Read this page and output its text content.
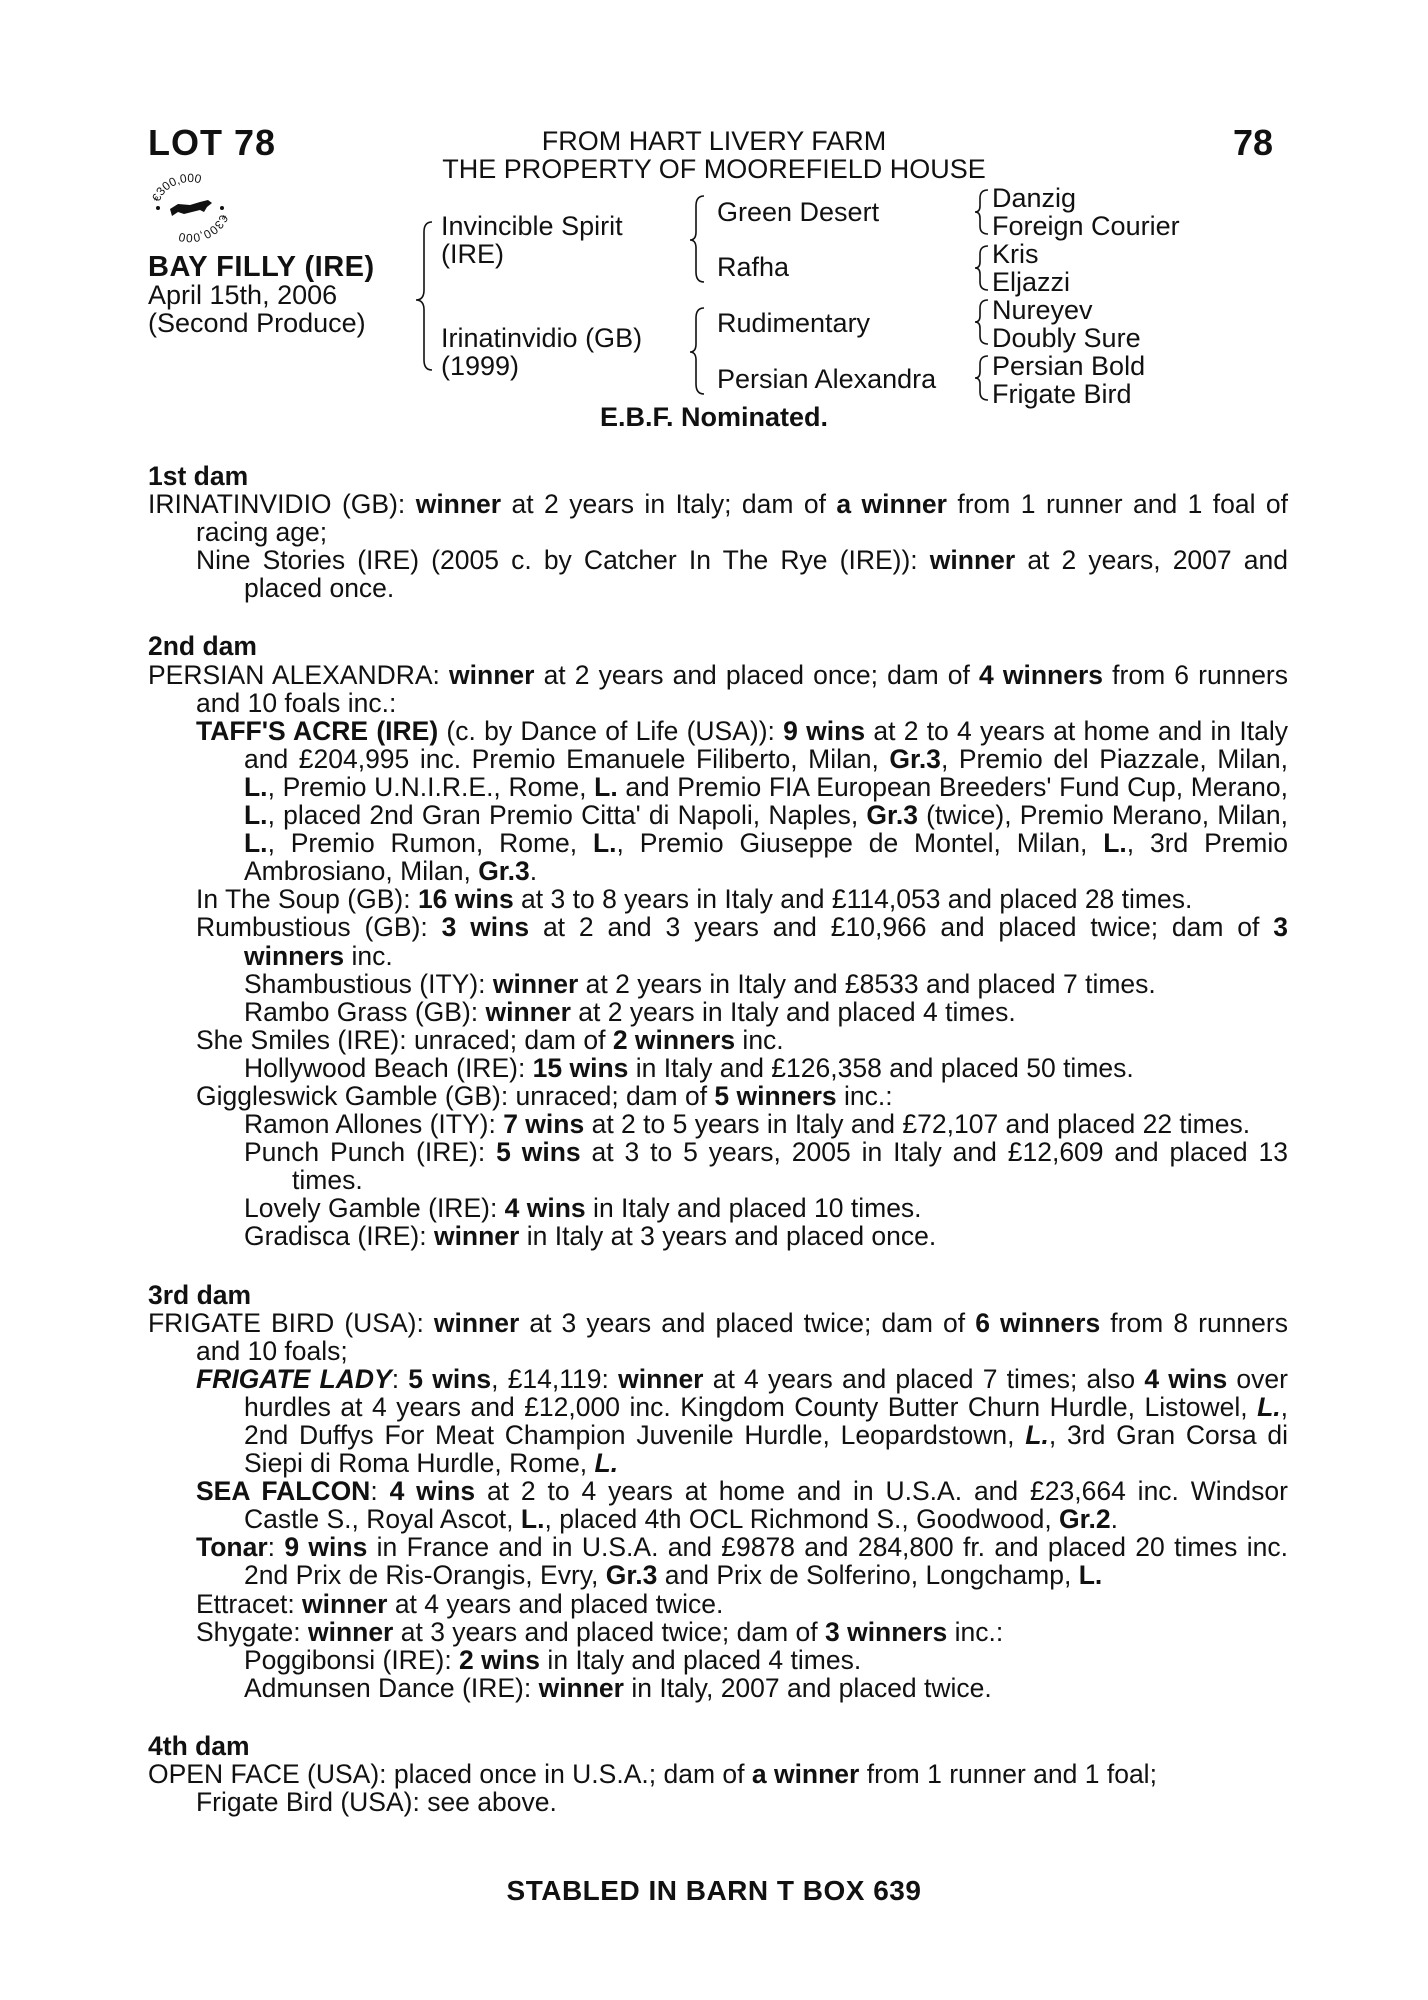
LOT 78	78
FROM HART LIVERY FARM
THE PROPERTY OF MOOREFIELD HOUSE
€300,000
€300,000
BAY FILLY (IRE)
April 15th, 2006
(Second Produce)
Invincible Spirit
(IRE)
Irinatinvidio (GB)
(1999)
Green Desert
Rafha
Rudimentary
Persian Alexandra
Danzig
Foreign Courier
Kris
Eljazzi
Nureyev
Doubly Sure
Persian Bold
Frigate Bird
E.B.F. Nominated.
1st dam
IRINATINVIDIO (GB): winner at 2 years in Italy; dam of a winner from 1 runner and 1 foal of racing age;
Nine Stories (IRE) (2005 c. by Catcher In The Rye (IRE)): winner at 2 years, 2007 and placed once.
2nd dam
PERSIAN ALEXANDRA: winner at 2 years and placed once; dam of 4 winners from 6 runners and 10 foals inc.:
TAFF'S ACRE (IRE) (c. by Dance of Life (USA)): 9 wins at 2 to 4 years at home and in Italy and £204,995 inc. Premio Emanuele Filiberto, Milan, Gr.3, Premio del Piazzale, Milan, L., Premio U.N.I.R.E., Rome, L. and Premio FIA European Breeders' Fund Cup, Merano, L., placed 2nd Gran Premio Citta' di Napoli, Naples, Gr.3 (twice), Premio Merano, Milan, L., Premio Rumon, Rome, L., Premio Giuseppe de Montel, Milan, L., 3rd Premio Ambrosiano, Milan, Gr.3.
In The Soup (GB): 16 wins at 3 to 8 years in Italy and £114,053 and placed 28 times.
Rumbustious (GB): 3 wins at 2 and 3 years and £10,966 and placed twice; dam of 3 winners inc.
Shambustious (ITY): winner at 2 years in Italy and £8533 and placed 7 times.
Rambo Grass (GB): winner at 2 years in Italy and placed 4 times.
She Smiles (IRE): unraced; dam of 2 winners inc.
Hollywood Beach (IRE): 15 wins in Italy and £126,358 and placed 50 times.
Giggleswick Gamble (GB): unraced; dam of 5 winners inc.:
Ramon Allones (ITY): 7 wins at 2 to 5 years in Italy and £72,107 and placed 22 times.
Punch Punch (IRE): 5 wins at 3 to 5 years, 2005 in Italy and £12,609 and placed 13 times.
Lovely Gamble (IRE): 4 wins in Italy and placed 10 times.
Gradisca (IRE): winner in Italy at 3 years and placed once.
3rd dam
FRIGATE BIRD (USA): winner at 3 years and placed twice; dam of 6 winners from 8 runners and 10 foals;
FRIGATE LADY: 5 wins, £14,119: winner at 4 years and placed 7 times; also 4 wins over hurdles at 4 years and £12,000 inc. Kingdom County Butter Churn Hurdle, Listowel, L., 2nd Duffys For Meat Champion Juvenile Hurdle, Leopardstown, L., 3rd Gran Corsa di Siepi di Roma Hurdle, Rome, L.
SEA FALCON: 4 wins at 2 to 4 years at home and in U.S.A. and £23,664 inc. Windsor Castle S., Royal Ascot, L., placed 4th OCL Richmond S., Goodwood, Gr.2.
Tonar: 9 wins in France and in U.S.A. and £9878 and 284,800 fr. and placed 20 times inc. 2nd Prix de Ris-Orangis, Evry, Gr.3 and Prix de Solferino, Longchamp, L.
Ettracet: winner at 4 years and placed twice.
Shygate: winner at 3 years and placed twice; dam of 3 winners inc.:
Poggibonsi (IRE): 2 wins in Italy and placed 4 times.
Admunsen Dance (IRE): winner in Italy, 2007 and placed twice.
4th dam
OPEN FACE (USA): placed once in U.S.A.; dam of a winner from 1 runner and 1 foal;
Frigate Bird (USA): see above.
STABLED IN BARN T BOX 639
